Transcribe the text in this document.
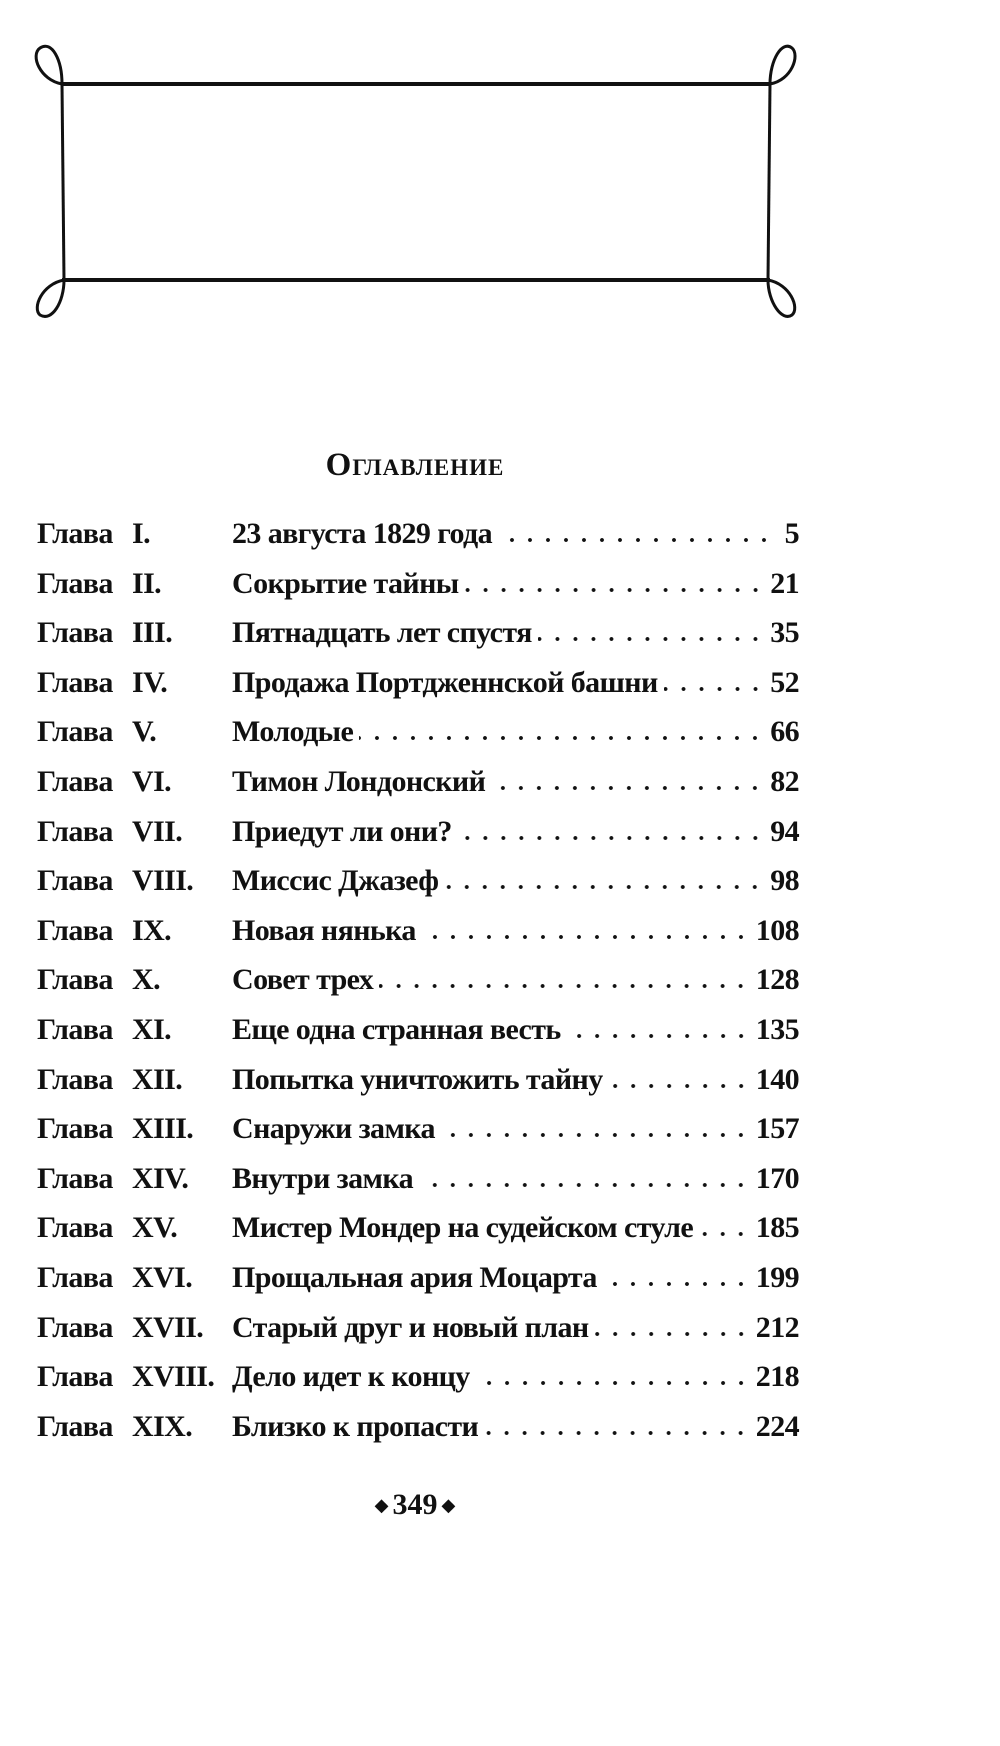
Оглавление
Глава I.	23 августа 1829 года	5
Глава II.	Сокрытие тайны	21
Глава III.	Пятнадцать лет спустя	35
Глава IV.	Продажа Портдженнской башни	52
Глава V.	Молодые	66
Глава VI.	Тимон Лондонский	82
Глава VII.	Приедут ли они?	94
Глава VIII.	Миссис Джазеф	98
Глава IX.	Новая нянька	108
Глава X.	Совет трех	128
Глава XI.	Еще одна странная весть	135
Глава XII.	Попытка уничтожить тайну	140
Глава XIII.	Снаружи замка	157
Глава XIV.	Внутри замка	170
Глава XV.	Мистер Мондер на судейском стуле 185
Глава XVI.	Прощальная ария Моцарта	199
Глава XVII. Старый друг и новый план	212
Глава XVIII. Дело идет к концу	218
Глава XIX.	Близко к пропасти	224
◆ 349 ◆
